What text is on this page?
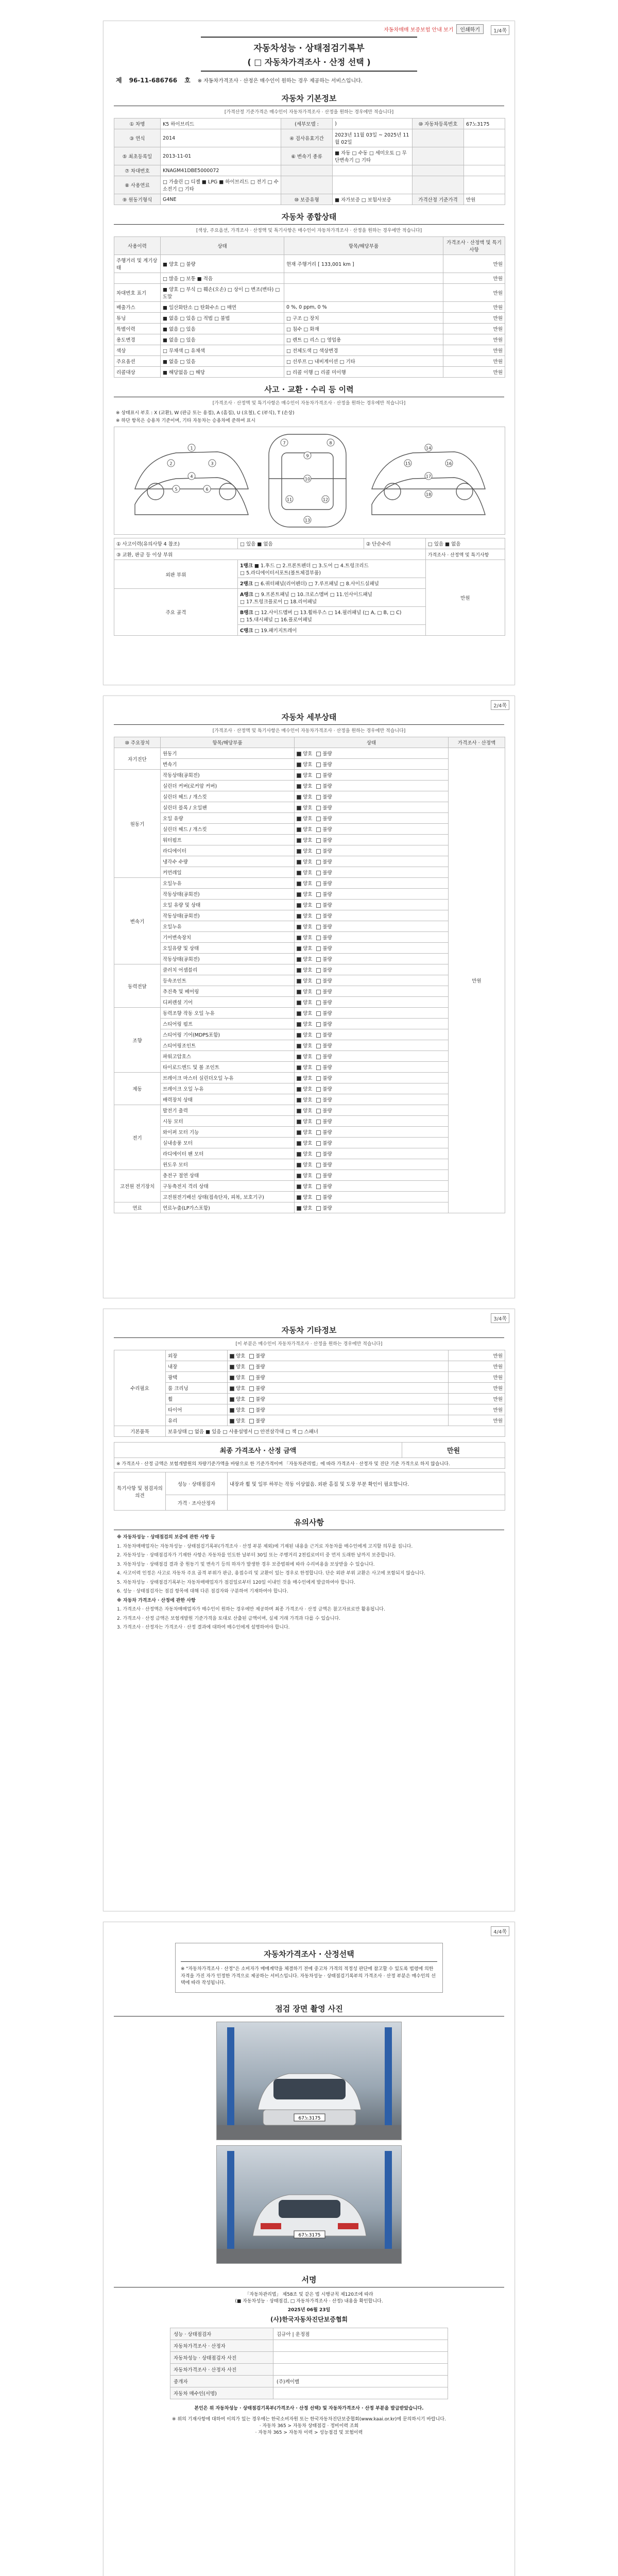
자동차매매 보증보험 안내 보기	인쇄하기	1/4쪽
자동차성능 · 상태점검기록부
( □ 자동차가격조사 · 산정 선택 )
제 96-11-686766 호 ※ 자동차가격조사 · 산정은 매수인이 원하는 경우 제공하는 서비스입니다.
자동차 기본정보
[가격산정 기준가격은 매수인이 자동차가격조사 · 산정을 원하는 경우에만 적습니다]
① 차명	K5 하이브리드	(세부모델 :	)	⑩ 자동차등록번호	67노3175
③ 연식	2014	④ 검사유효기간	2023년 11월 03일 ~ 2025년 11월 02일		
⑤ 최초등록일	2013-11-01	⑥ 변속기 종류	■ 자동 □ 수동 □ 세미오토 □ 무단변속기 □ 기타		
⑦ 차대번호	KNAGM41DBE5000072				
⑧ 사용연료	□ 가솔린 □ 디젤 ■ LPG ■ 하이브리드 □ 전기 □ 수소전기 □ 기타				
⑨ 원동기형식	G4NE	⑩ 보증유형	■ 자가보증 □ 보험사보증	가격산정 기준가격	만원
자동차 종합상태
[색상, 주요옵션, 가격조사 · 산정액 및 특기사항은 매수인이 자동차가격조사 · 산정을 원하는 경우에만 적습니다]
사용이력	상태	항목/해당부품	가격조사 · 산정액 및 특기사항
주행거리 및 계기상태	■ 양호 □ 불량	현재 주행거리 [ 133,001 km ]	만원
	□ 많음 □ 보통 ■ 적음		만원
차대번호 표기	■ 양호 □ 부식 □ 훼손(오손) □ 상이 □ 변조(변타) □ 도말		만원
배출가스	■ 일산화탄소 □ 탄화수소 □ 매연	0 %, 0 ppm, 0 %	만원
튜닝	■ 없음 □ 있음 □ 적법 □ 불법	□ 구조 □ 장치	만원
특별이력	■ 없음 □ 있음	□ 침수 □ 화재	만원
용도변경	■ 없음 □ 있음	□ 렌트 □ 리스 □ 영업용	만원
색상	□ 무채색 □ 유채색	□ 전체도색 □ 색상변경	만원
주요옵션	■ 없음 □ 있음	□ 선루프 □ 내비게이션 □ 기타	만원
리콜대상	■ 해당없음 □ 해당	□ 리콜 이행 □ 리콜 미이행	만원
사고 · 교환 · 수리 등 이력
[가격조사 · 산정액 및 특기사항은 매수인이 자동차가격조사 · 산정을 원하는 경우에만 적습니다]
※ 상태표시 부호 : X (교환), W (판금 또는 용접), A (흠집), U (요철), C (부식), T (손상)
※ 하단 항목은 승용차 기준이며, 기타 자동차는 승용차에 준하여 표시
1
2	3
4
5	6
7	8
9
10
11	12
13
14
15	16
17
18
① 사고이력(유의사항 4 참조)	□ 있음 ■ 없음	② 단순수리	□ 있음 ■ 없음
③ 교환, 판금 등 이상 부위			가격조사 · 산정액 및 특기사항
외판 부위	1랭크 ■ 1.후드 □ 2.프론트펜더 □ 3.도어 □ 4.트렁크리드
□ 5.라디에이터서포트(볼트체결부품)		만원
	2랭크 □ 6.쿼터패널(리어펜더) □ 7.루프패널 □ 8.사이드실패널		
주요 골격	A랭크 □ 9.프론트패널 □ 10.크로스멤버 □ 11.인사이드패널
□ 17.트렁크플로어 □ 18.리어패널		
	B랭크 □ 12.사이드멤버 □ 13.휠하우스 □ 14.필러패널 (□ A, □ B, □ C)
□ 15.대시패널 □ 16.플로어패널		
	C랭크 □ 19.패키지트레이		
2/4쪽
자동차 세부상태
[가격조사 · 산정액 및 특기사항은 매수인이 자동차가격조사 · 산정을 원하는 경우에만 적습니다]
⑩ 주요장치	항목/해당부품	상태	가격조사 · 산정액
자기진단	원동기	양호 불량	만원
	변속기	양호 불량	
원동기	작동상태(공회전)	양호 불량	
	실린더 커버(로커암 커버)	양호 불량	
	실린더 헤드 / 개스킷	양호 불량	
	실린더 블록 / 오일팬	양호 불량	
	오일 유량	양호 불량	
	실린더 헤드 / 개스킷	양호 불량	
	워터펌프	양호 불량	
	라디에이터	양호 불량	
	냉각수 수량	양호 불량	
	커먼레일	양호 불량	
변속기	오일누유	양호 불량	
	작동상태(공회전)	양호 불량	
	오일 유량 및 상태	양호 불량	
	작동상태(공회전)	양호 불량	
	오일누유	양호 불량	
	기어변속장치	양호 불량	
	오일유량 및 상태	양호 불량	
	작동상태(공회전)	양호 불량	
동력전달	클러치 어셈블리	양호 불량	
	등속조인트	양호 불량	
	추진축 및 베어링	양호 불량	
	디퍼렌셜 기어	양호 불량	
조향	동력조향 작동 오일 누유	양호 불량	
	스티어링 펌프	양호 불량	
	스티어링 기어(MDPS포함)	양호 불량	
	스티어링조인트	양호 불량	
	파워고압호스	양호 불량	
	타이로드엔드 및 볼 조인트	양호 불량	
제동	브레이크 마스터 실린더오일 누유	양호 불량	
	브레이크 오일 누유	양호 불량	
	배력장치 상태	양호 불량	
전기	발전기 출력	양호 불량	
	시동 모터	양호 불량	
	와이퍼 모터 기능	양호 불량	
	실내송풍 모터	양호 불량	
	라디에이터 팬 모터	양호 불량	
	윈도우 모터	양호 불량	
고전원 전기장치	충전구 절연 상태	양호 불량	
	구동축전지 격리 상태	양호 불량	
	고전원전기배선 상태(접속단자, 피복, 보호기구)	양호 불량	
연료	연료누출(LP가스포함)	양호 불량	
3/4쪽
자동차 기타정보
[이 부분은 매수인이 자동차가격조사 · 산정을 원하는 경우에만 적습니다]
수리필요	외장	양호 불량	만원
	내장	양호 불량	만원
	광택	양호 불량	만원
	룸 크리닝	양호 불량	만원
	휠	양호 불량	만원
	타이어	양호 불량	만원
	유리	양호 불량	만원
기본품목	보유상태 □ 없음 ■ 있음 □ 사용설명서 □ 안전삼각대 □ 잭 □ 스패너		
최종 가격조사 · 산정 금액	만원
※ 가격조사 · 산정 금액은 보험개발원의 차량기준가액을 바탕으로 한 기준가격이며 「자동차관리법」에 따라 가격조사 · 산정자 및 진단 기준 가격으로 하지 않습니다.
특기사항 및 점검자의 의견	성능 · 상태점검자	내장과 휠 및 일부 하부는 작동 이상없음. 외판 흠집 및 도장 부분 확인이 필요합니다.
	가격 · 조사산정자	
유의사항

※ 자동차성능 · 상태점검의 보증에 관한 사항 등

1. 자동차매매업자는 자동차성능 · 상태점검기록부(가격조사 · 산정 부분 제외)에 기재된 내용을 근거로 자동차를 매수인에게 고지할 의무를 집니다.

2. 자동차성능 · 상태점검자가 기재한 사항은 자동차를 인도한 날부터 30일 또는 주행거리 2천킬로미터 중 먼저 도래한 날까지 보증합니다.

3. 자동차성능 · 상태점검 결과 중 원동기 및 변속기 등의 하자가 발생한 경우 보증범위에 따라 수리비용을 보상받을 수 있습니다.

4. 사고이력 인정은 사고로 자동차 주요 골격 부위가 판금, 용접수리 및 교환이 있는 경우로 한정합니다. 단순 외판 부위 교환은 사고에 포함되지 않습니다.

5. 자동차성능 · 상태점검기록부는 자동차매매업자가 점검일로부터 120일 이내인 것을 매수인에게 발급하여야 합니다.

6. 성능 · 상태점검자는 점검 항목에 대해 다른 점검자와 구분하여 기재하여야 합니다.

※ 자동차 가격조사 · 산정에 관한 사항

1. 가격조사 · 산정액은 자동차매매업자가 매수인이 원하는 경우에만 제공하며 최종 가격조사 · 산정 금액은 참고자료로만 활용됩니다.

2. 가격조사 · 산정 금액은 보험개발원 기준가격을 토대로 산출된 금액이며, 실제 거래 가격과 다를 수 있습니다.

3. 가격조사 · 산정자는 가격조사 · 산정 결과에 대하여 매수인에게 설명하여야 합니다.

4/4쪽
자동차가격조사 · 산정선택
※ "자동차가격조사 · 산정"은 소비자가 매매계약을 체결하기 전에 중고차 가격의 적정성 판단에 참고할 수 있도록 법령에 의한 자격을 가진 자가 인정한 가격으로 제공하는 서비스입니다. 자동차성능 · 상태점검기록부의 가격조사 · 산정 부분은 매수인의 선택에 따라 작성됩니다.
점검 장면 촬영 사진
67노3175
67노3175
서명
「자동차관리법」 제58조 및 같은 법 시행규칙 제120조에 따라
(■ 자동차성능 · 상태점검, □ 자동차가격조사 · 산정) 내용을 확인합니다.
2025년 06월 23일
(사)한국자동차진단보증협회
성능 · 상태점검자	김규아 | 운정점
자동차가격조사 · 산정자	
자동차성능 · 상태점검자 사진	
자동차가격조사 · 산정자 사진	
중개자	(주)케이벨
자동차 매수인(서명)	
본인은 위 자동차성능 · 상태점검기록부(가격조사 · 산정 선택) 및 자동차가격조사 · 산정 부분을 발급받았습니다.
※ 위의 기재사항에 대하여 이의가 있는 경우에는 한국소비자원 또는 한국자동차진단보증협회(www.kaai.or.kr)에 문의하시기 바랍니다.
· 자동차 365 > 자동차 상태점검 · 정비이력 조회
· 자동차 365 > 자동차 이력 > 성능점검 및 보험이력
